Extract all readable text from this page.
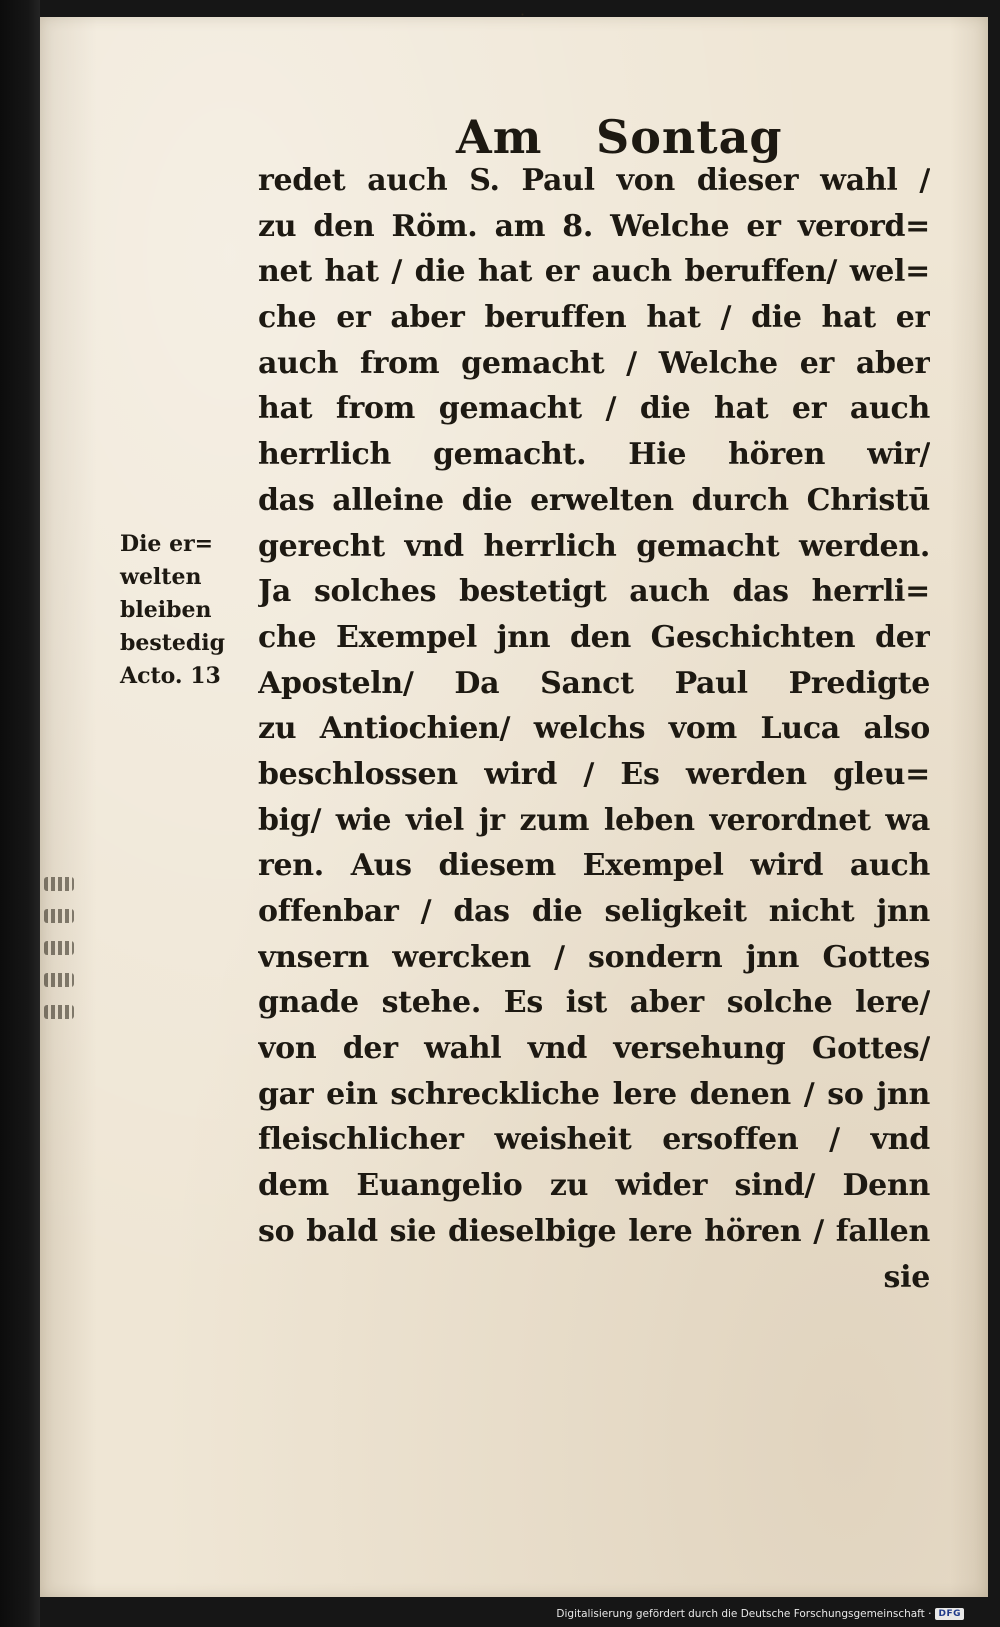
˙
Am Sontag
Die er=
welten
bleiben
bestedig
Acto. 13
redet auch S. Paul von dieser wahl /
zu den Röm. am 8. Welche er verord=
net hat / die hat er auch beruffen/ wel=
che er aber beruffen hat / die hat er
auch from gemacht / Welche er aber
hat from gemacht / die hat er auch
herrlich gemacht. Hie hören wir/
das alleine die erwelten durch Christū
gerecht vnd herrlich gemacht werden.
Ja solches bestetigt auch das herrli=
che Exempel jnn den Geschichten der
Aposteln/ Da Sanct Paul Predigte
zu Antiochien/ welchs vom Luca also
beschlossen wird / Es werden gleu=
big/ wie viel jr zum leben verordnet wa
ren. Aus diesem Exempel wird auch
offenbar / das die seligkeit nicht jnn
vnsern wercken / sondern jnn Gottes
gnade stehe. Es ist aber solche lere/
von der wahl vnd versehung Gottes/
gar ein schreckliche lere denen / so jnn
fleischlicher weisheit ersoffen / vnd
dem Euangelio zu wider sind/ Denn
so bald sie dieselbige lere hören / fallen
sie
Digitalisierung gefördert durch die Deutsche Forschungsgemeinschaft · DFG
